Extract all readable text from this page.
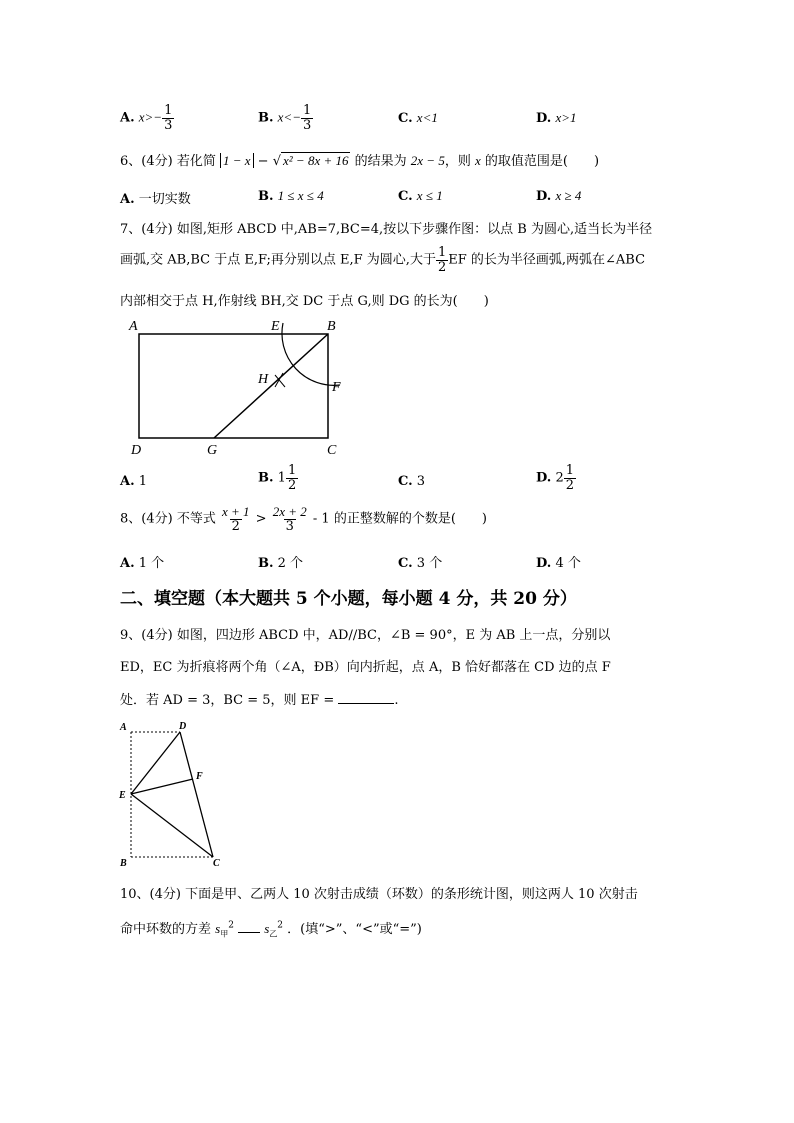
A. $x>- \frac{1}{3}$	B. $x<- \frac{1}{3}$	C. x<1	D. x>1
6、(4分) 若化简 1 − x − √ x² − 8x + 16 的结果为 2x − 5，则 x 的取值范围是(　　)
A. 一切实数	B. 1 ≤ x ≤ 4	C. x ≤ 1	D. x ≥ 4
7、(4分) 如图,矩形 ABCD 中,AB=7,BC=4,按以下步骤作图：以点 B 为圆心,适当长为半径
画弧,交 AB,BC 于点 E,F;再分别以点 E,F 为圆心,大于 $\frac{1}{2}$ EF 的长为半径画弧,两弧在∠ABC
内部相交于点 H,作射线 BH,交 DC 于点 G,则 DG 的长为(　　)
A	E	B
H
F
D	G	C
A. 1	B. $1 \frac{1}{2}$	C. 3	D. $2 \frac{1}{2}$
8、(4分) 不等式 $\frac{x + 1}{2} > \frac{2x + 2}{3} - 1$ 的正整数解的个数是(　　)
A. 1 个	B. 2 个	C. 3 个	D. 4 个
二、填空题（本大题共 5 个小题，每小题 4 分，共 20 分）
9、(4分) 如图，四边形 ABCD 中，AD//BC，∠B = 90°，E 为 AB 上一点，分别以
ED，EC 为折痕将两个角（∠A，ĐB）向内折起，点 A，B 恰好都落在 CD 边的点 F
处．若 AD = 3，BC = 5，则 EF =	.
A	D
F
E
B	C
10、(4分) 下面是甲、乙两人 10 次射击成绩（环数）的条形统计图，则这两人 10 次射击
命中环数的方差 $s_甲^2$ $s_乙^2$ ．(填“>”、“<”或“=”)
